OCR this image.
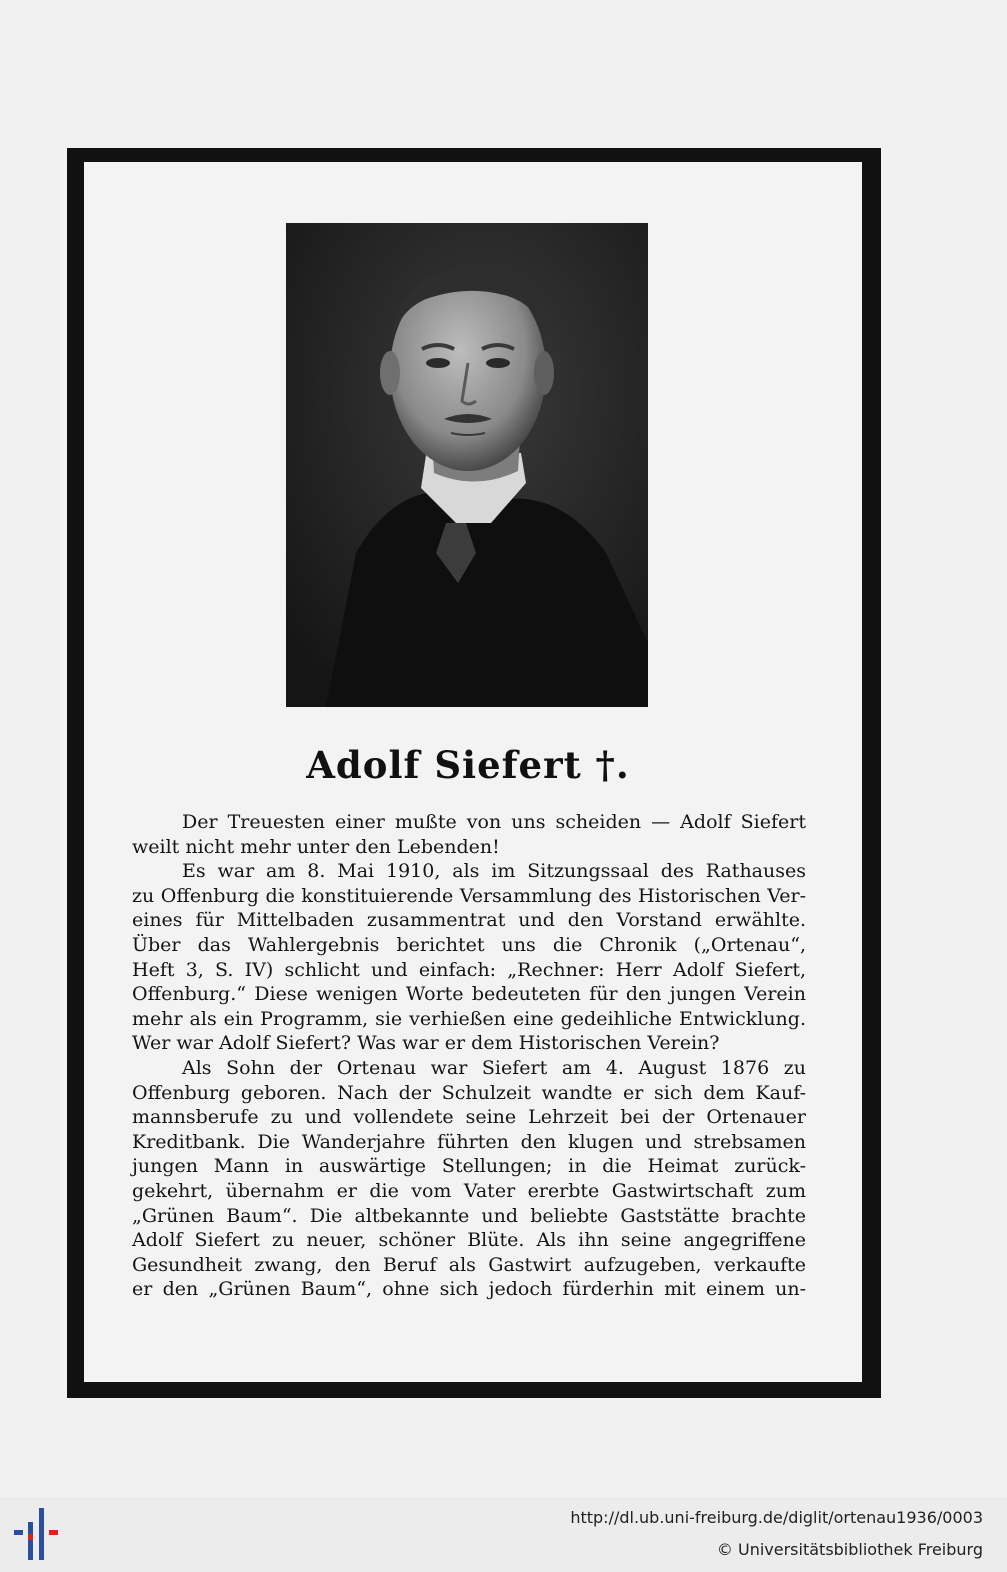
Adolf Siefert †.
Der Treuesten einer mußte von uns scheiden — Adolf Siefert
weilt nicht mehr unter den Lebenden!
Es war am 8. Mai 1910, als im Sitzungssaal des Rathauses
zu Offenburg die konstituierende Versammlung des Historischen Ver-
eines für Mittelbaden zusammentrat und den Vorstand erwählte.
Über das Wahlergebnis berichtet uns die Chronik („Ortenau“,
Heft 3, S. IV) schlicht und einfach: „Rechner: Herr Adolf Siefert,
Offenburg.“ Diese wenigen Worte bedeuteten für den jungen Verein
mehr als ein Programm, sie verhießen eine gedeihliche Entwicklung.
Wer war Adolf Siefert? Was war er dem Historischen Verein?
Als Sohn der Ortenau war Siefert am 4. August 1876 zu
Offenburg geboren. Nach der Schulzeit wandte er sich dem Kauf-
mannsberufe zu und vollendete seine Lehrzeit bei der Ortenauer
Kreditbank. Die Wanderjahre führten den klugen und strebsamen
jungen Mann in auswärtige Stellungen; in die Heimat zurück-
gekehrt, übernahm er die vom Vater ererbte Gastwirtschaft zum
„Grünen Baum“. Die altbekannte und beliebte Gaststätte brachte
Adolf Siefert zu neuer, schöner Blüte. Als ihn seine angegriffene
Gesundheit zwang, den Beruf als Gastwirt aufzugeben, verkaufte
er den „Grünen Baum“, ohne sich jedoch fürderhin mit einem un-
http://dl.ub.uni-freiburg.de/diglit/ortenau1936/0003
© Universitätsbibliothek Freiburg
